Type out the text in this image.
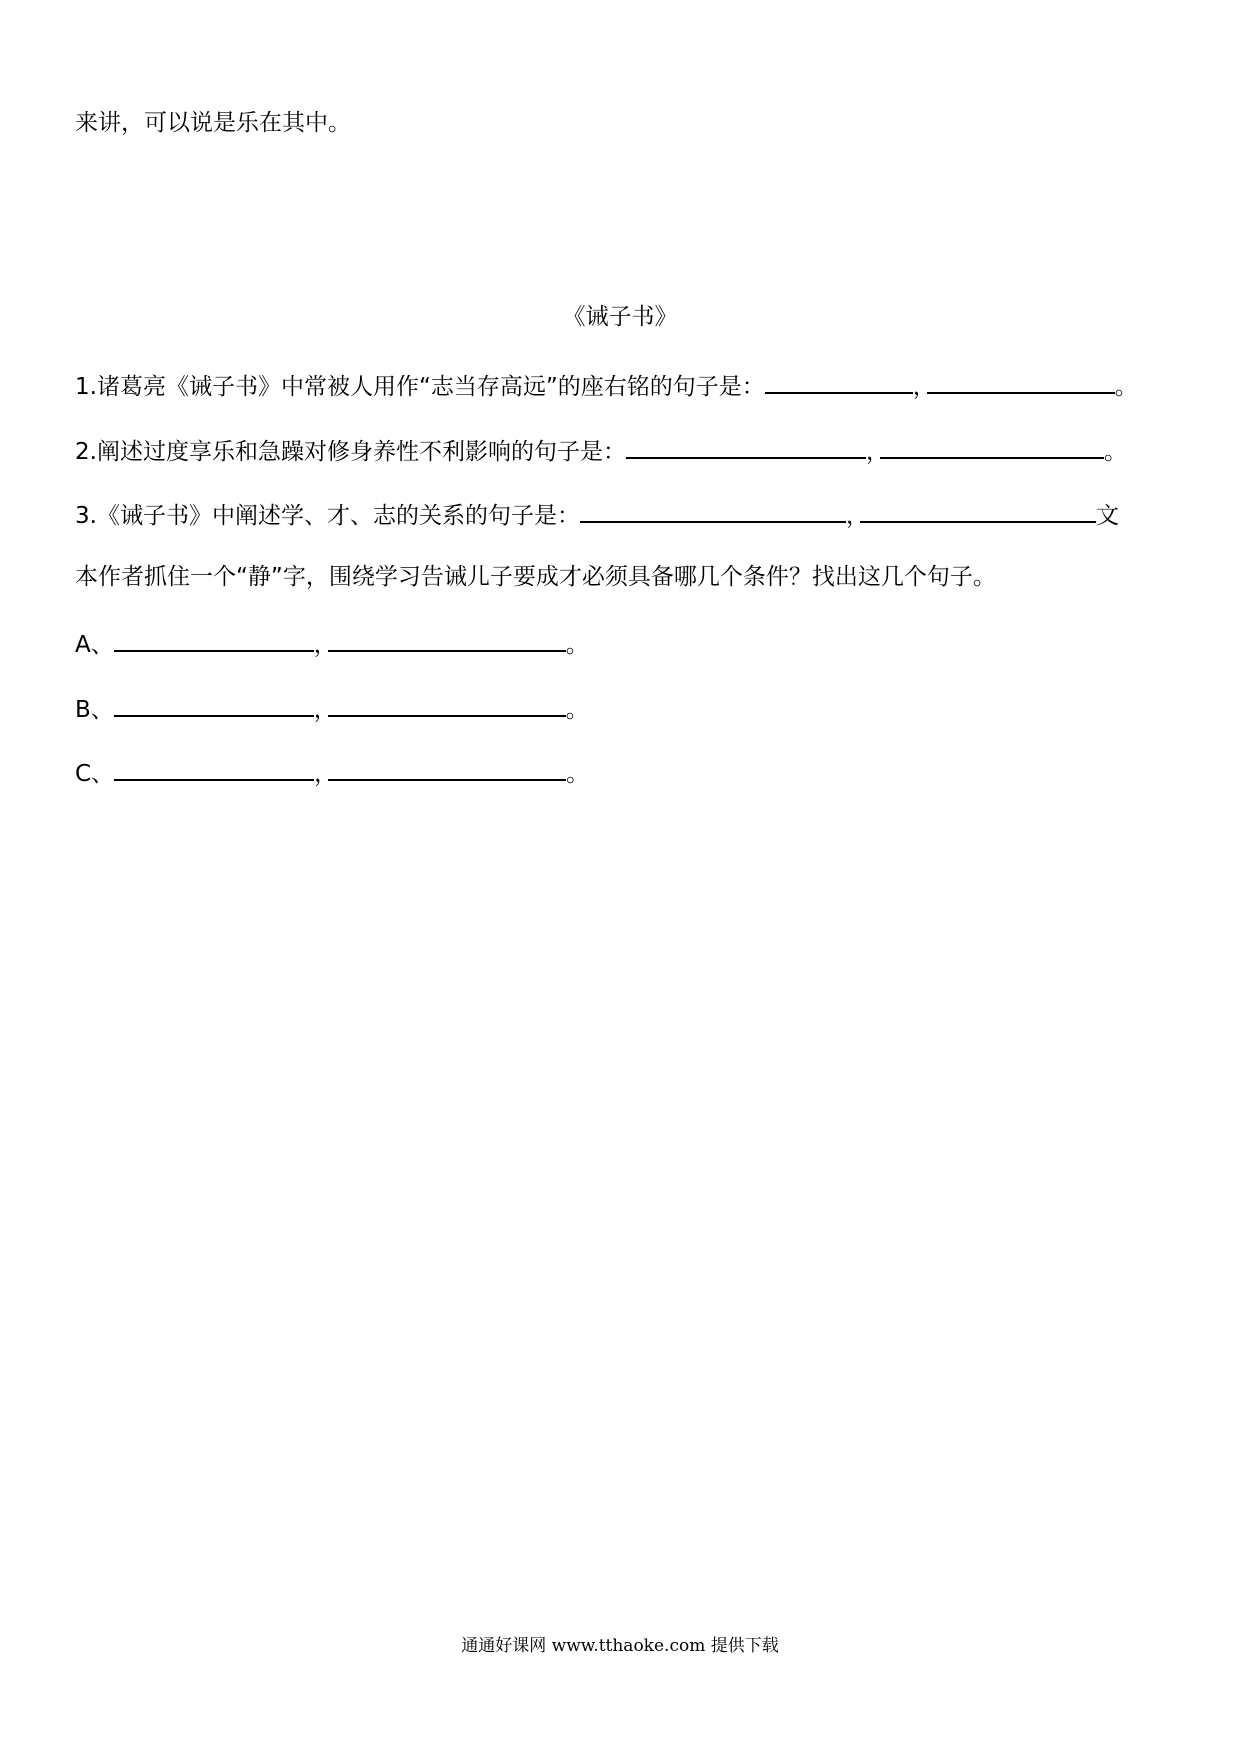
来讲，可以说是乐在其中。
《诫子书》
1.诸葛亮《诫子书》中常被人用作“志当存高远”的座右铭的句子是：	，	。
2.阐述过度享乐和急躁对修身养性不利影响的句子是：	，	。
3.《诫子书》中阐述学、才、志的关系的句子是：	，	文
本作者抓住一个“静”字，围绕学习告诫儿子要成才必须具备哪几个条件？找出这几个句子。
A、	，	。
B、	，	。
C、	，	。
通通好课网 www.tthaoke.com 提供下载
